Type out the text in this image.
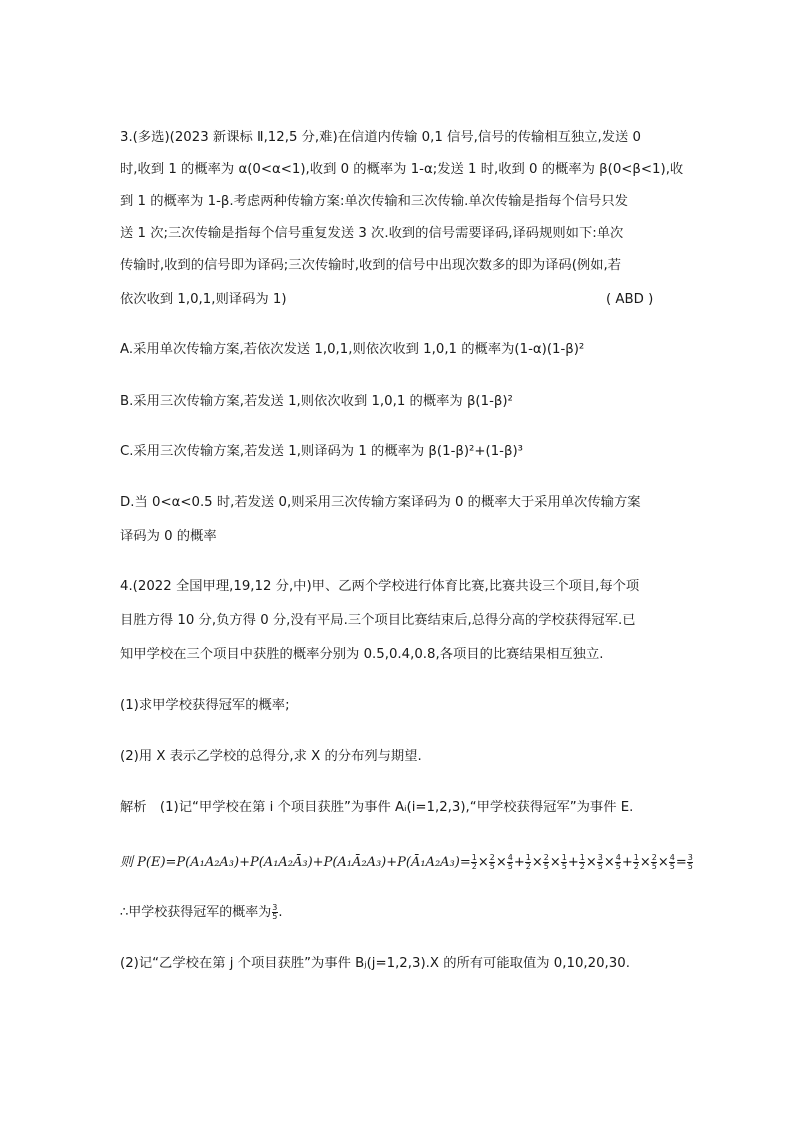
3.(多选)(2023 新课标 Ⅱ,12,5 分,难)在信道内传输 0,1 信号,信号的传输相互独立,发送 0
时,收到 1 的概率为 α(0<α<1),收到 0 的概率为 1-α;发送 1 时,收到 0 的概率为 β(0<β<1),收
到 1 的概率为 1-β.考虑两种传输方案:单次传输和三次传输.单次传输是指每个信号只发
送 1 次;三次传输是指每个信号重复发送 3 次.收到的信号需要译码,译码规则如下:单次
传输时,收到的信号即为译码;三次传输时,收到的信号中出现次数多的即为译码(例如,若
依次收到 1,0,1,则译码为 1)	( ABD )
A.采用单次传输方案,若依次发送 1,0,1,则依次收到 1,0,1 的概率为(1-α)(1-β)²
B.采用三次传输方案,若发送 1,则依次收到 1,0,1 的概率为 β(1-β)²
C.采用三次传输方案,若发送 1,则译码为 1 的概率为 β(1-β)²+(1-β)³
D.当 0<α<0.5 时,若发送 0,则采用三次传输方案译码为 0 的概率大于采用单次传输方案
译码为 0 的概率
4.(2022 全国甲理,19,12 分,中)甲、乙两个学校进行体育比赛,比赛共设三个项目,每个项
目胜方得 10 分,负方得 0 分,没有平局.三个项目比赛结束后,总得分高的学校获得冠军.已
知甲学校在三个项目中获胜的概率分别为 0.5,0.4,0.8,各项目的比赛结果相互独立.
(1)求甲学校获得冠军的概率;
(2)用 X 表示乙学校的总得分,求 X 的分布列与期望.
解析　(1)记“甲学校在第 i 个项目获胜”为事件 Aᵢ(i=1,2,3),“甲学校获得冠军”为事件 E.
则 P(E)=P(A₁A₂A₃)+P(A₁A₂Ā₃)+P(A₁Ā₂A₃)+P(Ā₁A₂A₃)= $\frac{1}{2} \times \frac{2}{5} \times \frac{4}{5} + \frac{1}{2} \times \frac{2}{5} \times \frac{1}{5} + \frac{1}{2} \times \frac{3}{5} \times \frac{4}{5} + \frac{1}{2} \times \frac{2}{5} \times \frac{4}{5} = \frac{3}{5}$
∴甲学校获得冠军的概率为 $\frac{3}{5}$ .
(2)记“乙学校在第 j 个项目获胜”为事件 Bⱼ(j=1,2,3).X 的所有可能取值为 0,10,20,30.
